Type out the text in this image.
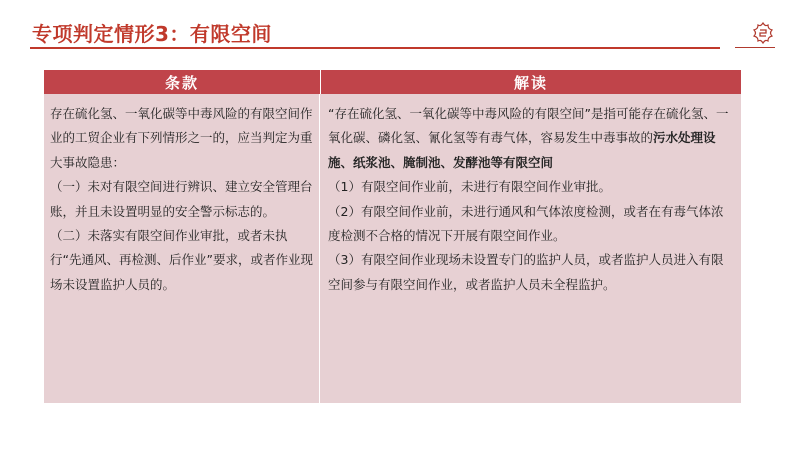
专项判定情形3：有限空间
条款	解读

存在硫化氢、一氧化碳等中毒风险的有限空间作业的工贸企业有下列情形之一的，应当判定为重大事故隐患：

（一）未对有限空间进行辨识、建立安全管理台账，并且未设置明显的安全警示标志的。

（二）未落实有限空间作业审批，或者未执行“先通风、再检测、后作业”要求，或者作业现场未设置监护人员的。

“存在硫化氢、一氧化碳等中毒风险的有限空间”是指可能存在硫化氢、一氧化碳、磷化氢、氰化氢等有毒气体，容易发生中毒事故的污水处理设施、纸浆池、腌制池、发酵池等有限空间

（1）有限空间作业前，未进行有限空间作业审批。

（2）有限空间作业前，未进行通风和气体浓度检测，或者在有毒气体浓度检测不合格的情况下开展有限空间作业。

（3）有限空间作业现场未设置专门的监护人员，或者监护人员进入有限空间参与有限空间作业，或者监护人员未全程监护。
